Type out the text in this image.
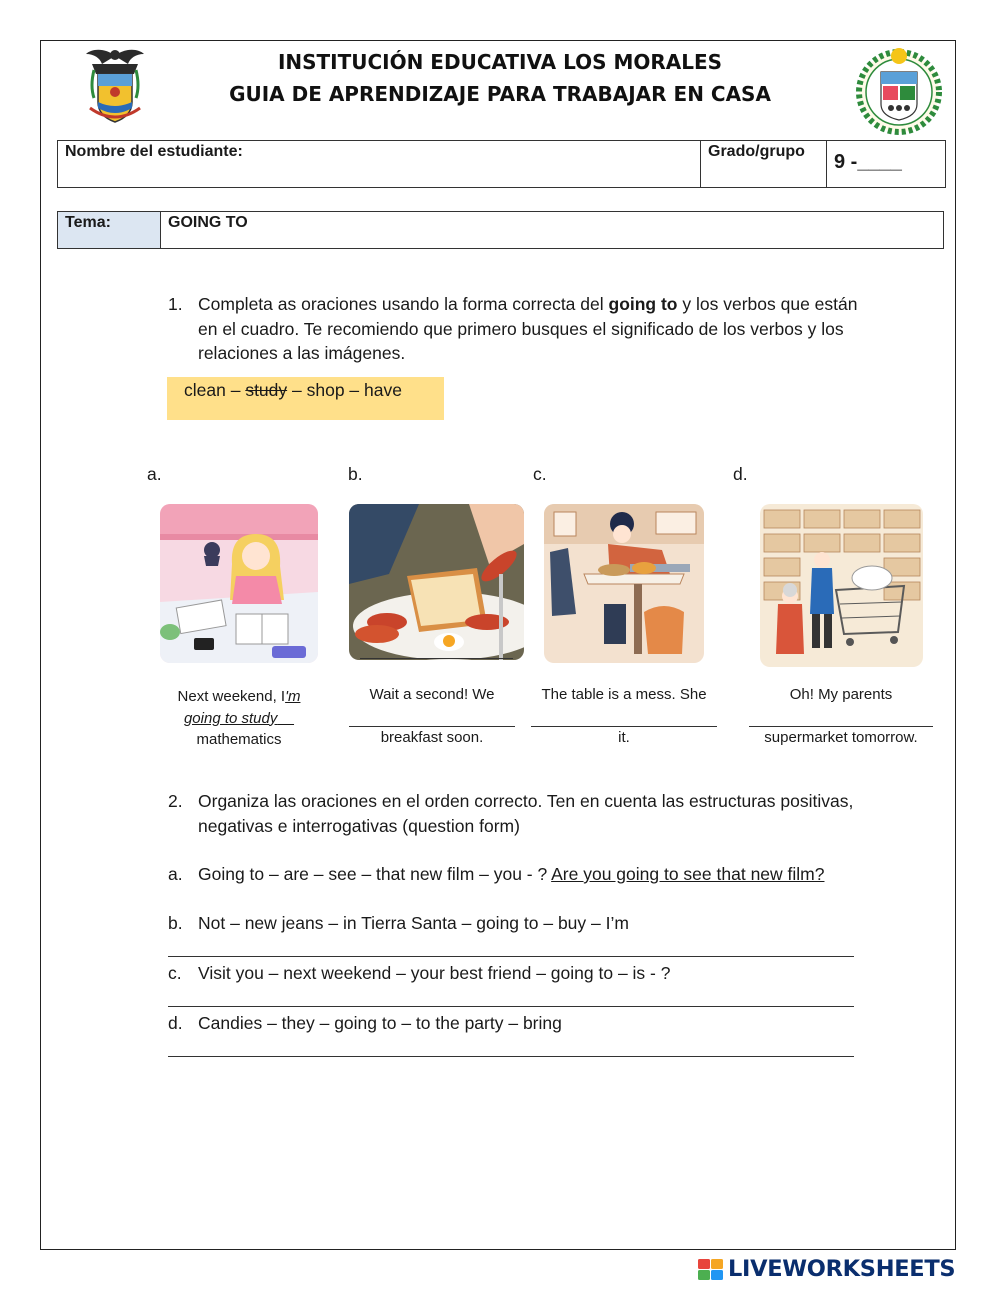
INSTITUCIÓN EDUCATIVA LOS MORALES
GUIA DE APRENDIZAJE PARA TRABAJAR EN CASA
Nombre del estudiante:	Grado/grupo	9 -____
Tema:	GOING TO
1. Completa as oraciones usando la forma correcta del going to y los verbos que están en el cuadro. Te recomiendo que primero busques el significado de los verbos y los relaciones a las imágenes.
clean – study – shop – have
a.	b.	c.	d.
Next weekend, I'm going to study
mathematics
Wait a second! We
breakfast soon.
The table is a mess. She
it.
Oh! My parents
supermarket tomorrow.
2. Organiza las oraciones en el orden correcto. Ten en cuenta las estructuras positivas, negativas e interrogativas (question form)
a. Going to – are – see – that new film – you - ? Are you going to see that new film?
b. Not – new jeans – in Tierra Santa – going to – buy – I’m
c. Visit you – next weekend – your best friend – going to – is - ?
d. Candies – they – going to – to the party – bring
LIVEWORKSHEETS
